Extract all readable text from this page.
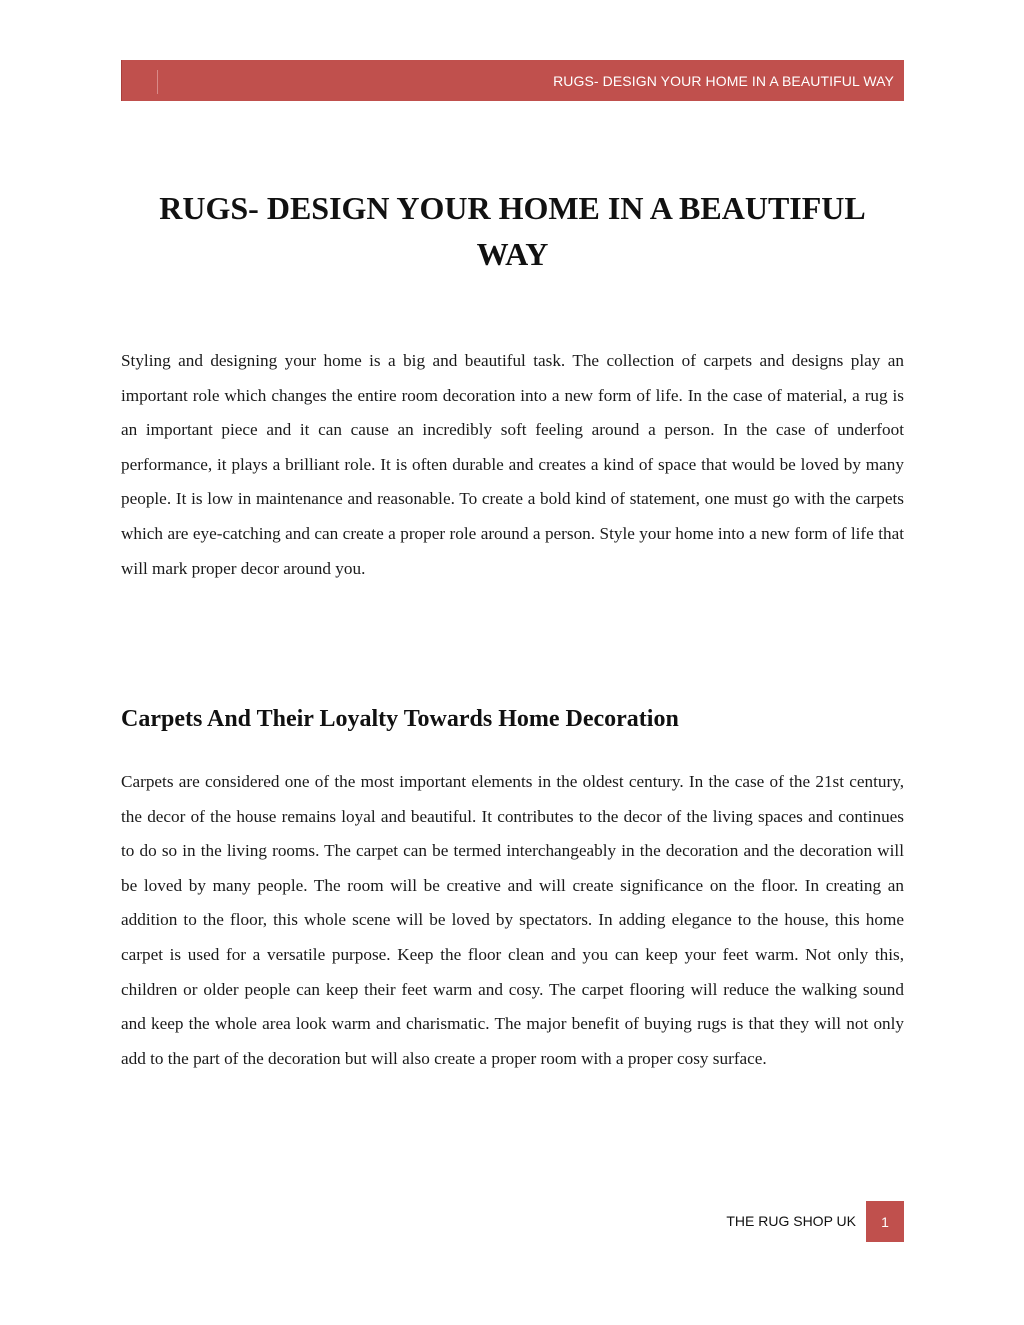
RUGS- DESIGN YOUR HOME IN A BEAUTIFUL WAY
RUGS- DESIGN YOUR HOME IN A BEAUTIFUL WAY

Styling and designing your home is a big and beautiful task. The collection of carpets and designs play an important role which changes the entire room decoration into a new form of life. In the case of material, a rug is an important piece and it can cause an incredibly soft feeling around a person. In the case of underfoot performance, it plays a brilliant role. It is often durable and creates a kind of space that would be loved by many people. It is low in maintenance and reasonable. To create a bold kind of statement, one must go with the carpets which are eye-catching and can create a proper role around a person. Style your home into a new form of life that will mark proper decor around you.

Carpets And Their Loyalty Towards Home Decoration

Carpets are considered one of the most important elements in the oldest century. In the case of the 21st century, the decor of the house remains loyal and beautiful. It contributes to the decor of the living spaces and continues to do so in the living rooms. The carpet can be termed interchangeably in the decoration and the decoration will be loved by many people. The room will be creative and will create significance on the floor. In creating an addition to the floor, this whole scene will be loved by spectators. In adding elegance to the house, this home carpet is used for a versatile purpose. Keep the floor clean and you can keep your feet warm. Not only this, children or older people can keep their feet warm and cosy. The carpet flooring will reduce the walking sound and keep the whole area look warm and charismatic. The major benefit of buying rugs is that they will not only add to the part of the decoration but will also create a proper room with a proper cosy surface.

THE RUG SHOP UK 1
